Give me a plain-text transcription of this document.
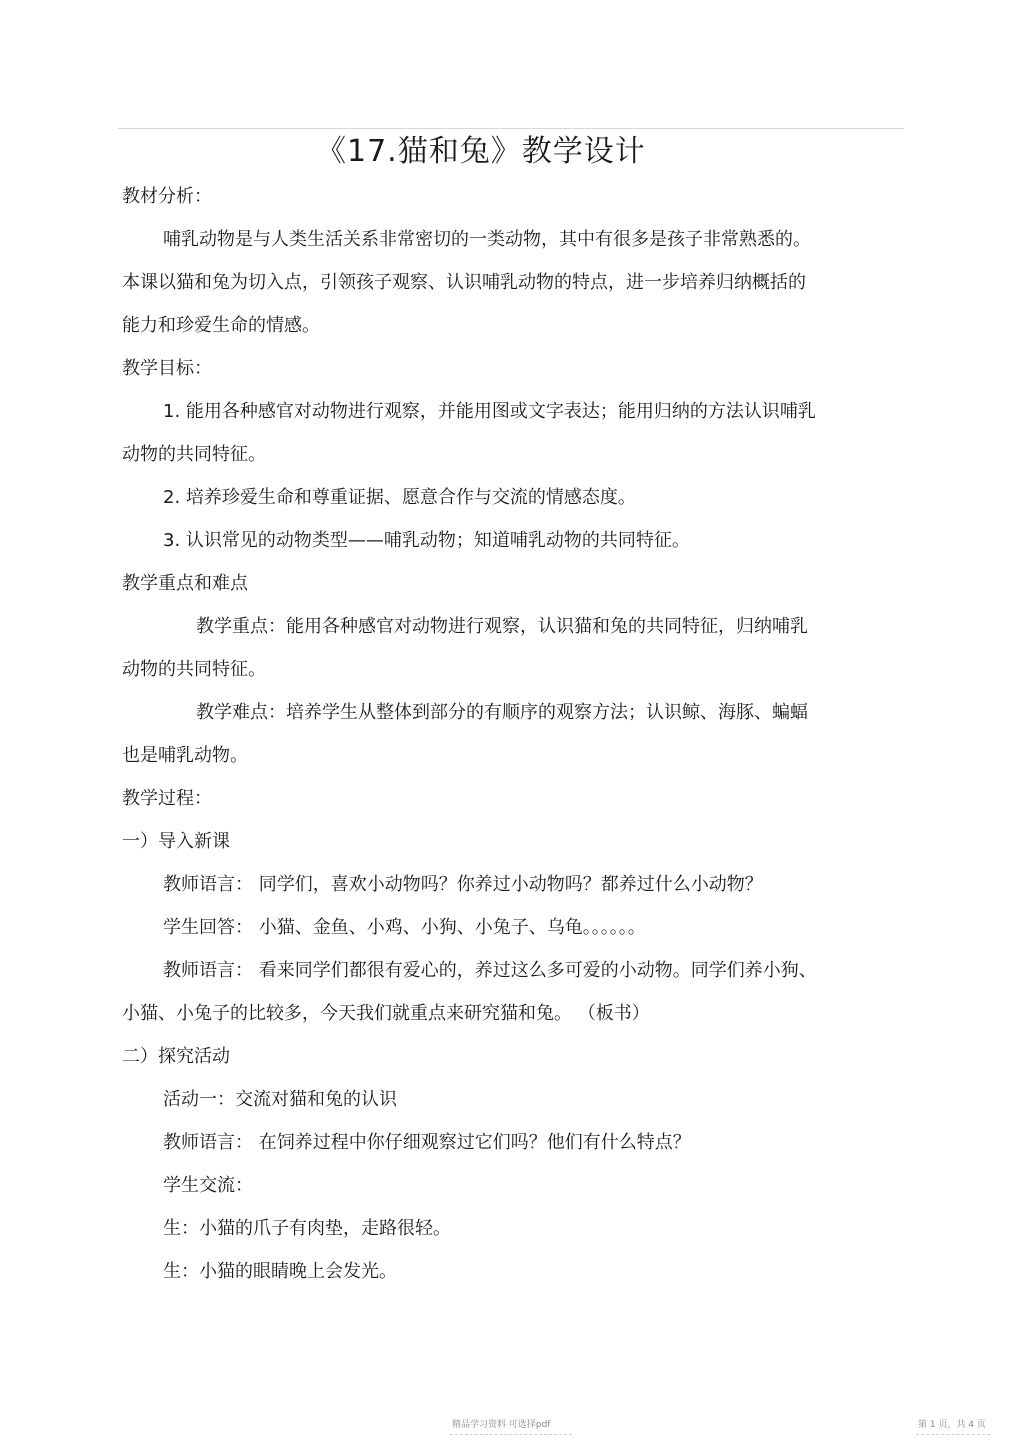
《17.猫和兔》教学设计
教材分析：
哺乳动物是与人类生活关系非常密切的一类动物，其中有很多是孩子非常熟悉的。
本课以猫和兔为切入点，引领孩子观察、认识哺乳动物的特点，进一步培养归纳概括的
能力和珍爱生命的情感。
教学目标：
1. 能用各种感官对动物进行观察，并能用图或文字表达；能用归纳的方法认识哺乳
动物的共同特征。
2. 培养珍爱生命和尊重证据、愿意合作与交流的情感态度。
3. 认识常见的动物类型——哺乳动物；知道哺乳动物的共同特征。
教学重点和难点
教学重点：能用各种感官对动物进行观察，认识猫和兔的共同特征，归纳哺乳
动物的共同特征。
教学难点：培养学生从整体到部分的有顺序的观察方法；认识鲸、海豚、蝙蝠
也是哺乳动物。
教学过程：
一）导入新课
教师语言： 同学们，喜欢小动物吗？你养过小动物吗？都养过什么小动物？
学生回答： 小猫、金鱼、小鸡、小狗、小兔子、乌龟。。。。。。
教师语言： 看来同学们都很有爱心的，养过这么多可爱的小动物。同学们养小狗、
小猫、小兔子的比较多，今天我们就重点来研究猫和兔。 （板书）
二）探究活动
活动一：交流对猫和兔的认识
教师语言： 在饲养过程中你仔细观察过它们吗？他们有什么特点？
学生交流：
生：小猫的爪子有肉垫，走路很轻。
生：小猫的眼睛晚上会发光。
精品学习资料 可选择pdf	第 1 页，共 4 页
